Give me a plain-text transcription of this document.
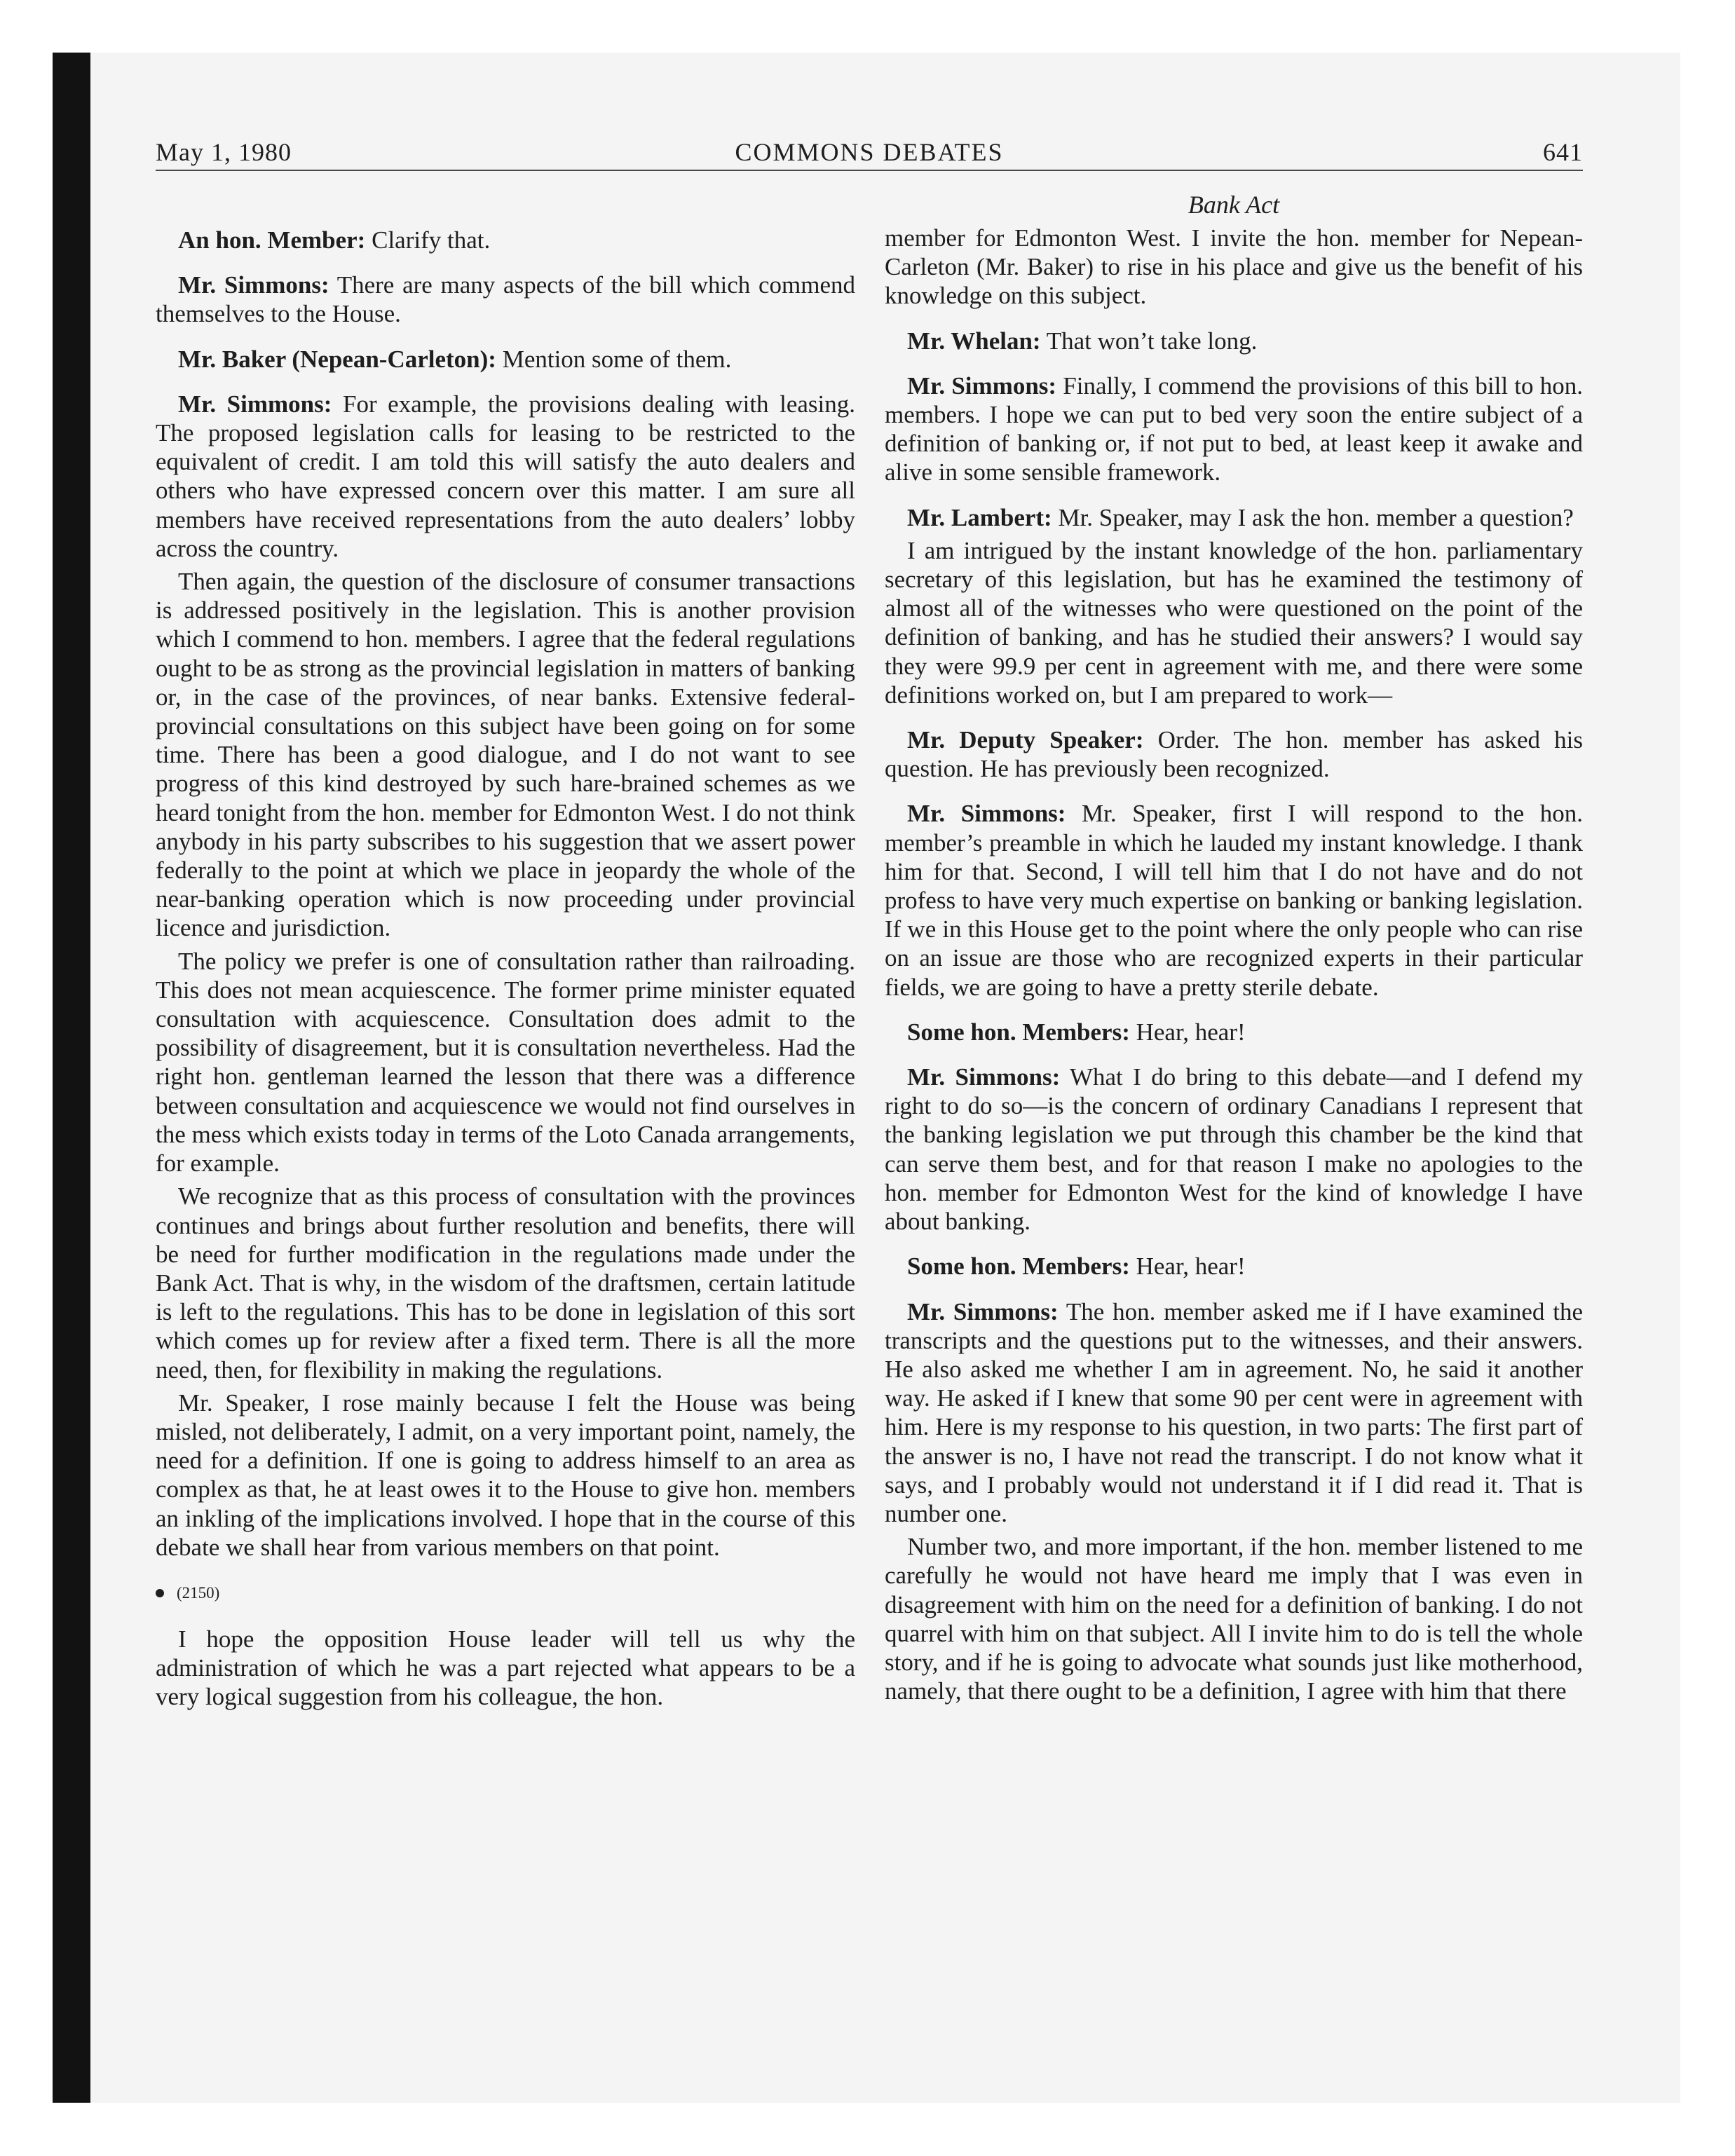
May 1, 1980	COMMONS DEBATES	641

An hon. Member: Clarify that.

Mr. Simmons: There are many aspects of the bill which commend themselves to the House.

Mr. Baker (Nepean-Carleton): Mention some of them.

Mr. Simmons: For example, the provisions dealing with leasing. The proposed legislation calls for leasing to be restricted to the equivalent of credit. I am told this will satisfy the auto dealers and others who have expressed concern over this matter. I am sure all members have received representations from the auto dealers’ lobby across the country.

Then again, the question of the disclosure of consumer transactions is addressed positively in the legislation. This is another provision which I commend to hon. members. I agree that the federal regulations ought to be as strong as the provincial legislation in matters of banking or, in the case of the provinces, of near banks. Extensive federal-provincial consultations on this subject have been going on for some time. There has been a good dialogue, and I do not want to see progress of this kind destroyed by such hare-brained schemes as we heard tonight from the hon. member for Edmonton West. I do not think anybody in his party subscribes to his suggestion that we assert power federally to the point at which we place in jeopardy the whole of the near-banking operation which is now proceeding under provincial licence and jurisdiction.

The policy we prefer is one of consultation rather than railroading. This does not mean acquiescence. The former prime minister equated consultation with acquiescence. Consultation does admit to the possibility of disagreement, but it is consultation nevertheless. Had the right hon. gentleman learned the lesson that there was a difference between consultation and acquiescence we would not find ourselves in the mess which exists today in terms of the Loto Canada arrangements, for example.

We recognize that as this process of consultation with the provinces continues and brings about further resolution and benefits, there will be need for further modification in the regulations made under the Bank Act. That is why, in the wisdom of the draftsmen, certain latitude is left to the regulations. This has to be done in legislation of this sort which comes up for review after a fixed term. There is all the more need, then, for flexibility in making the regulations.

Mr. Speaker, I rose mainly because I felt the House was being misled, not deliberately, I admit, on a very important point, namely, the need for a definition. If one is going to address himself to an area as complex as that, he at least owes it to the House to give hon. members an inkling of the implications involved. I hope that in the course of this debate we shall hear from various members on that point.

(2150)

I hope the opposition House leader will tell us why the administration of which he was a part rejected what appears to be a very logical suggestion from his colleague, the hon.

Bank Act

member for Edmonton West. I invite the hon. member for Nepean-Carleton (Mr. Baker) to rise in his place and give us the benefit of his knowledge on this subject.

Mr. Whelan: That won’t take long.

Mr. Simmons: Finally, I commend the provisions of this bill to hon. members. I hope we can put to bed very soon the entire subject of a definition of banking or, if not put to bed, at least keep it awake and alive in some sensible framework.

Mr. Lambert: Mr. Speaker, may I ask the hon. member a question?

I am intrigued by the instant knowledge of the hon. parliamentary secretary of this legislation, but has he examined the testimony of almost all of the witnesses who were questioned on the point of the definition of banking, and has he studied their answers? I would say they were 99.9 per cent in agreement with me, and there were some definitions worked on, but I am prepared to work—

Mr. Deputy Speaker: Order. The hon. member has asked his question. He has previously been recognized.

Mr. Simmons: Mr. Speaker, first I will respond to the hon. member’s preamble in which he lauded my instant knowledge. I thank him for that. Second, I will tell him that I do not have and do not profess to have very much expertise on banking or banking legislation. If we in this House get to the point where the only people who can rise on an issue are those who are recognized experts in their particular fields, we are going to have a pretty sterile debate.

Some hon. Members: Hear, hear!

Mr. Simmons: What I do bring to this debate—and I defend my right to do so—is the concern of ordinary Canadians I represent that the banking legislation we put through this chamber be the kind that can serve them best, and for that reason I make no apologies to the hon. member for Edmonton West for the kind of knowledge I have about banking.

Some hon. Members: Hear, hear!

Mr. Simmons: The hon. member asked me if I have examined the transcripts and the questions put to the witnesses, and their answers. He also asked me whether I am in agreement. No, he said it another way. He asked if I knew that some 90 per cent were in agreement with him. Here is my response to his question, in two parts: The first part of the answer is no, I have not read the transcript. I do not know what it says, and I probably would not understand it if I did read it. That is number one.

Number two, and more important, if the hon. member listened to me carefully he would not have heard me imply that I was even in disagreement with him on the need for a definition of banking. I do not quarrel with him on that subject. All I invite him to do is tell the whole story, and if he is going to advocate what sounds just like motherhood, namely, that there ought to be a definition, I agree with him that there
